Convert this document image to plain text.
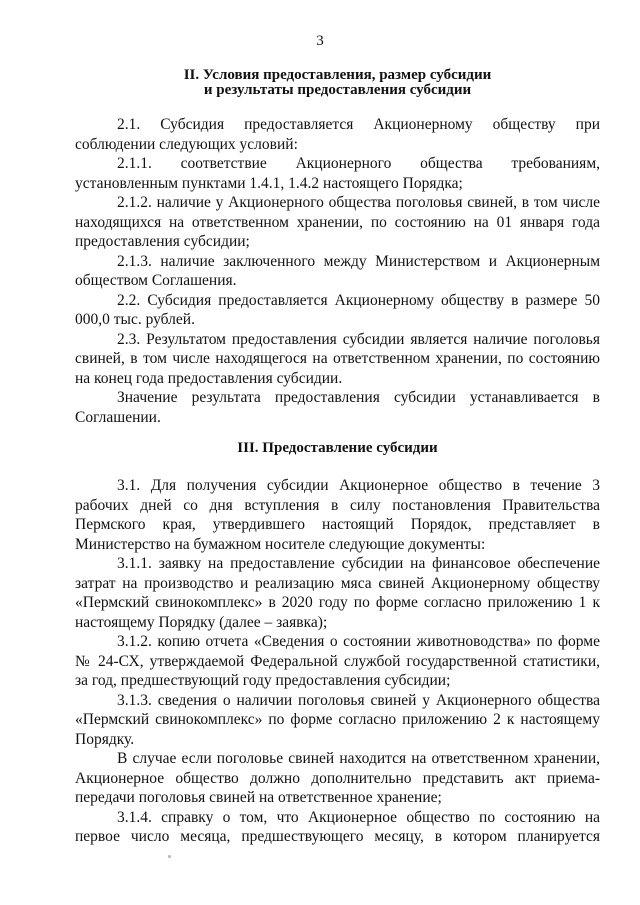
3
II. Условия предоставления, размер субсидии
и результаты предоставления субсидии

2.1. Субсидия предоставляется Акционерному обществу при соблюдении следующих условий:

2.1.1. соответствие Акционерного общества требованиям, установленным пунктами 1.4.1, 1.4.2 настоящего Порядка;

2.1.2. наличие у Акционерного общества поголовья свиней, в том числе находящихся на ответственном хранении, по состоянию на 01 января года предоставления субсидии;

2.1.3. наличие заключенного между Министерством и Акционерным обществом Соглашения.

2.2. Субсидия предоставляется Акционерному обществу в размере 50 000,0 тыс. рублей.

2.3. Результатом предоставления субсидии является наличие поголовья свиней, в том числе находящегося на ответственном хранении, по состоянию на конец года предоставления субсидии.

Значение результата предоставления субсидии устанавливается в Соглашении.

III. Предоставление субсидии

3.1. Для получения субсидии Акционерное общество в течение 3 рабочих дней со дня вступления в силу постановления Правительства Пермского края, утвердившего настоящий Порядок, представляет в Министерство на бумажном носителе следующие документы:

3.1.1. заявку на предоставление субсидии на финансовое обеспечение затрат на производство и реализацию мяса свиней Акционерному обществу «Пермский свинокомплекс» в 2020 году по форме согласно приложению 1 к настоящему Порядку (далее – заявка);

3.1.2. копию отчета «Сведения о состоянии животноводства» по форме № 24-СХ, утверждаемой Федеральной службой государственной статистики, за год, предшествующий году предоставления субсидии;

3.1.3. сведения о наличии поголовья свиней у Акционерного общества «Пермский свинокомплекс» по форме согласно приложению 2 к настоящему Порядку.

В случае если поголовье свиней находится на ответственном хранении, Акционерное общество должно дополнительно представить акт приема-передачи поголовья свиней на ответственное хранение;

3.1.4. справку о том, что Акционерное общество по состоянию на первое число месяца, предшествующего месяцу, в котором планируется
